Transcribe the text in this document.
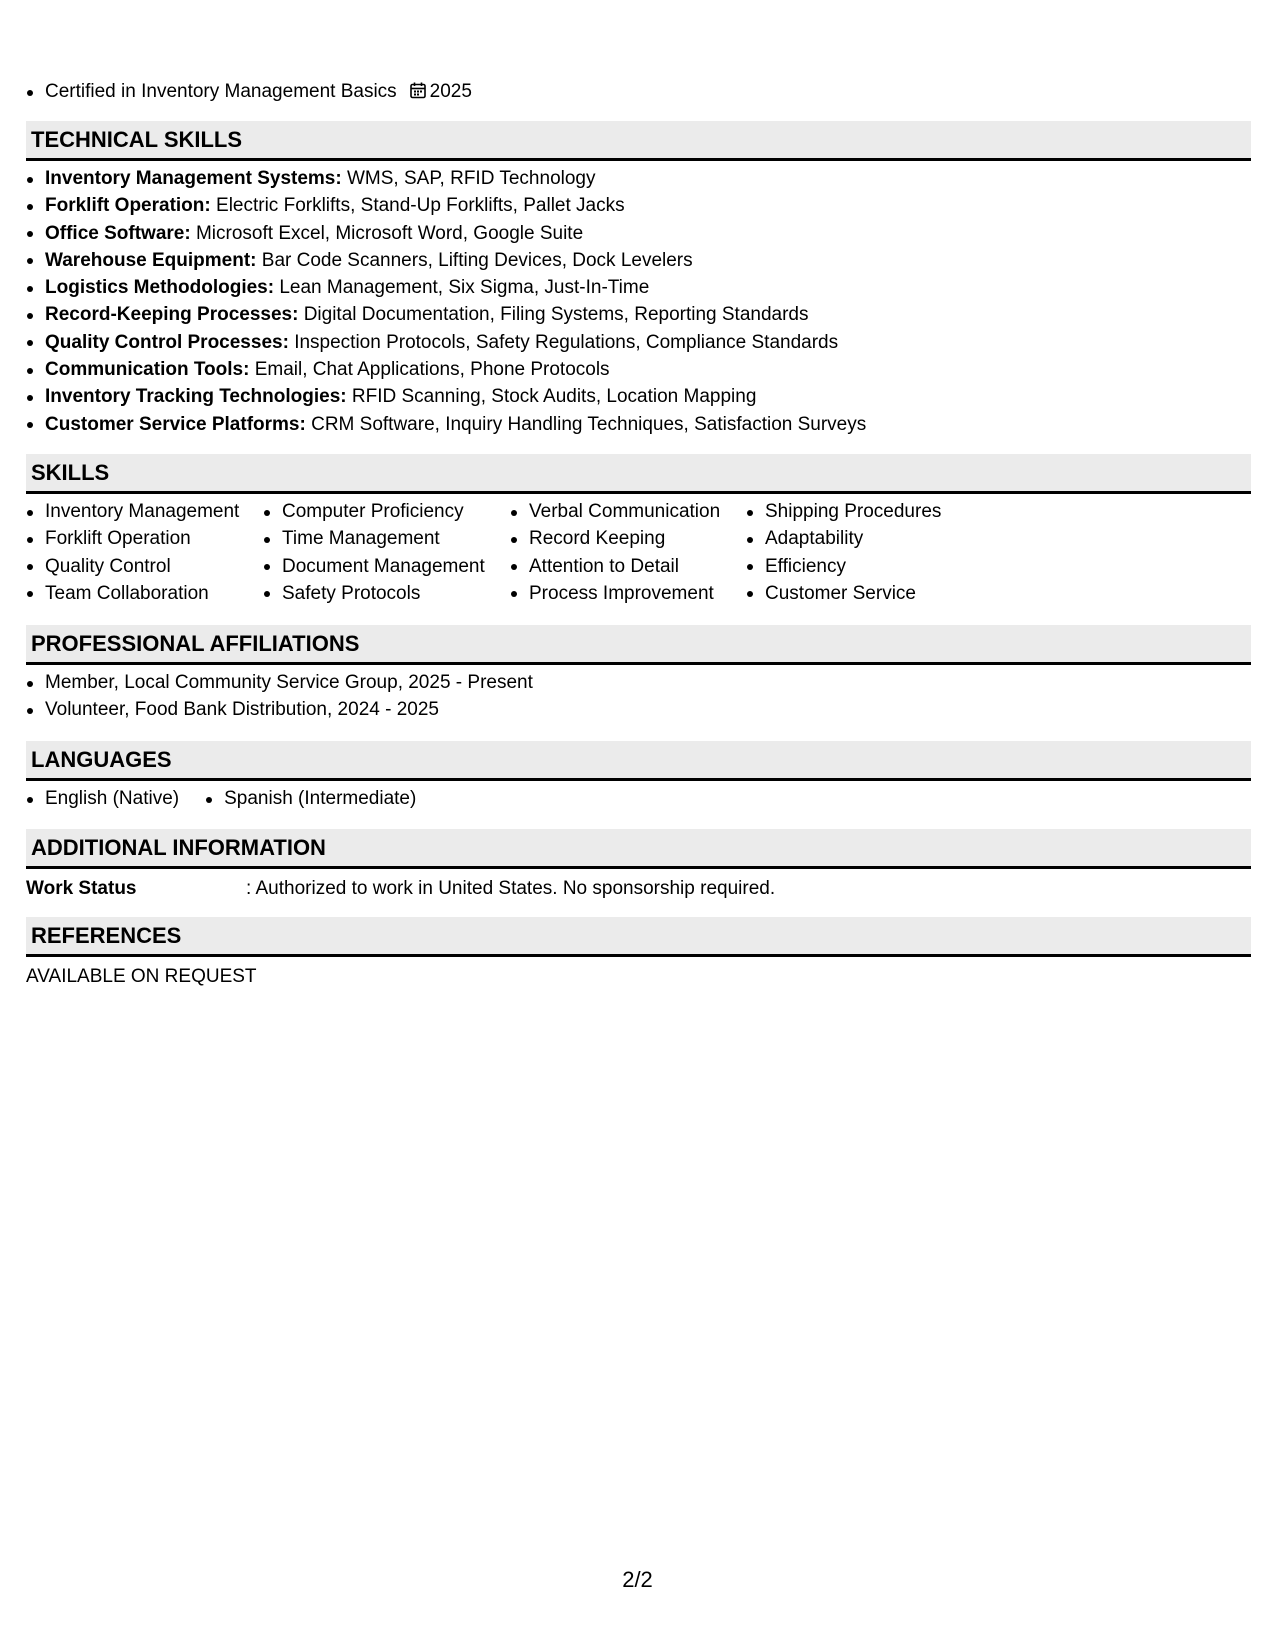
Certified in Inventory Management Basics 2025
TECHNICAL SKILLS
Inventory Management Systems: WMS, SAP, RFID Technology
Forklift Operation: Electric Forklifts, Stand-Up Forklifts, Pallet Jacks
Office Software: Microsoft Excel, Microsoft Word, Google Suite
Warehouse Equipment: Bar Code Scanners, Lifting Devices, Dock Levelers
Logistics Methodologies: Lean Management, Six Sigma, Just-In-Time
Record-Keeping Processes: Digital Documentation, Filing Systems, Reporting Standards
Quality Control Processes: Inspection Protocols, Safety Regulations, Compliance Standards
Communication Tools: Email, Chat Applications, Phone Protocols
Inventory Tracking Technologies: RFID Scanning, Stock Audits, Location Mapping
Customer Service Platforms: CRM Software, Inquiry Handling Techniques, Satisfaction Surveys
SKILLS
Inventory Management
Forklift Operation
Quality Control
Team Collaboration
Computer Proficiency
Time Management
Document Management
Safety Protocols
Verbal Communication
Record Keeping
Attention to Detail
Process Improvement
Shipping Procedures
Adaptability
Efficiency
Customer Service
PROFESSIONAL AFFILIATIONS
Member, Local Community Service Group, 2025 - Present
Volunteer, Food Bank Distribution, 2024 - 2025
LANGUAGES
English (Native)	Spanish (Intermediate)
ADDITIONAL INFORMATION
Work Status	: Authorized to work in United States. No sponsorship required.
REFERENCES
AVAILABLE ON REQUEST
2/2
